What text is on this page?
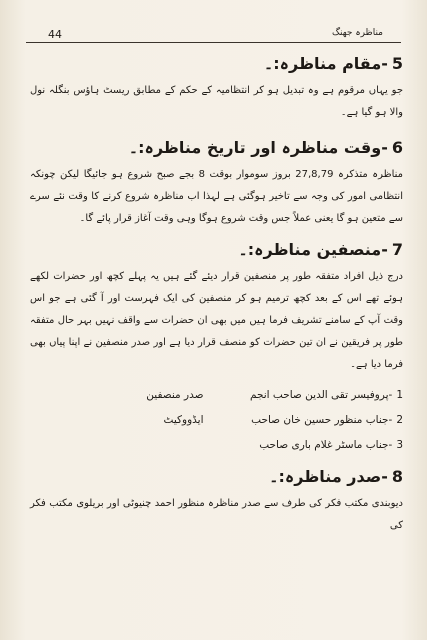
44	مناظرہ جھنگ
مقام مناظرہ:۔ - 5

جو یہاں مرقوم ہے وہ تبدیل ہو کر انتظامیہ کے حکم کے مطابق ریسٹ ہاؤس بنگلہ نول والا ہو گیا ہے۔

وقت مناظرہ اور تاریخ مناظرہ:۔ - 6

مناظرہ متذکرہ 27,8,79 بروز سوموار بوقت 8 بجے صبح شروع ہو جائیگا لیکن چونکہ انتظامی امور کی وجہ سے تاخیر ہوگئی ہے لہذا اب مناظرہ شروع کرنے کا وقت نئے سرے سے متعین ہو گا یعنی عملاً جس وقت شروع ہوگا وہی وقت آغاز قرار پائے گا۔

منصفین مناظرہ:۔ - 7

درج ذیل افراد متفقہ طور پر منصفین قرار دیئے گئے ہیں یہ پہلے کچھ اور حضرات لکھے ہوئے تھے اس کے بعد کچھ ترمیم ہو کر منصفین کی ایک فہرست اور آ گئی ہے جو اس وقت آپ کے سامنے تشریف فرما ہیں میں بھی ان حضرات سے واقف نہیں بہر حال متفقہ طور پر فریقین نے ان تین حضرات کو منصف قرار دیا ہے اور صدر منصفین نے اپنا پیاں بھی فرما دیا ہے۔

1
-
پروفیسر تقی الدین صاحب انجم
صدر منصفین
2
-
جناب منظور حسین خان صاحب
ایڈووکیٹ
3
-
جناب ماسٹر غلام باری صاحب
صدر مناظرہ:۔ - 8

دیوبندی مکتب فکر کی طرف سے صدر مناظرہ منظور احمد چنیوٹی اور بریلوی مکتب فکر کی
